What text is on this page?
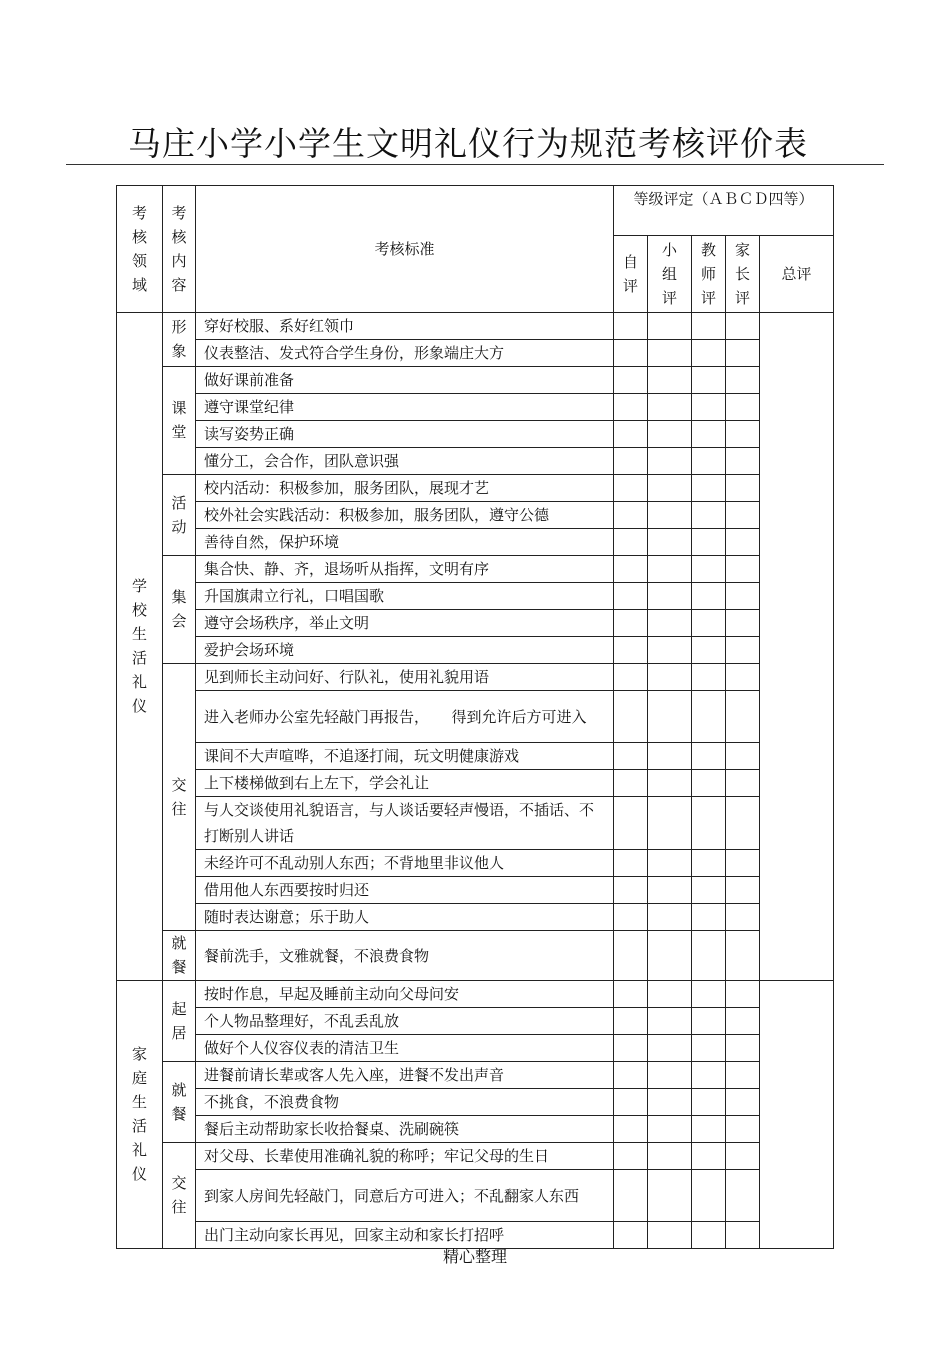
马庄小学小学生文明礼仪行为规范考核评价表
考核领域	考核内容	考核标准	等级评定（ＡＢＣＤ四等）				
			自评	小组评	教师评	家长评	总评
学校生活礼仪	形象	穿好校服、系好红领巾					
		仪表整洁、发式符合学生身份，形象端庄大方					
	课堂	做好课前准备					
		遵守课堂纪律					
		读写姿势正确					
		懂分工，会合作，团队意识强					
	活动	校内活动：积极参加，服务团队，展现才艺					
		校外社会实践活动：积极参加，服务团队，遵守公德					
		善待自然，保护环境					
	集会	集合快、静、齐，退场听从指挥，文明有序					
		升国旗肃立行礼，口唱国歌					
		遵守会场秩序，举止文明					
		爱护会场环境					
	交往	见到师长主动问好、行队礼，使用礼貌用语					
		进入老师办公室先轻敲门再报告，　　得到允许后方可进入					
		课间不大声喧哗，不追逐打闹，玩文明健康游戏					
		上下楼梯做到右上左下，学会礼让					
		与人交谈使用礼貌语言，与人谈话要轻声慢语，不插话、不打断别人讲话					
		未经许可不乱动别人东西；不背地里非议他人					
		借用他人东西要按时归还					
		随时表达谢意；乐于助人					
	就餐	餐前洗手，文雅就餐，不浪费食物					
家庭生活礼仪	起居	按时作息，早起及睡前主动向父母问安					
		个人物品整理好，不乱丢乱放					
		做好个人仪容仪表的清洁卫生					
	就餐	进餐前请长辈或客人先入座，进餐不发出声音					
		不挑食，不浪费食物					
		餐后主动帮助家长收拾餐桌、洗刷碗筷					
	交往	对父母、长辈使用准确礼貌的称呼；牢记父母的生日					
		到家人房间先轻敲门，同意后方可进入；不乱翻家人东西					
		出门主动向家长再见，回家主动和家长打招呼					
精心整理
